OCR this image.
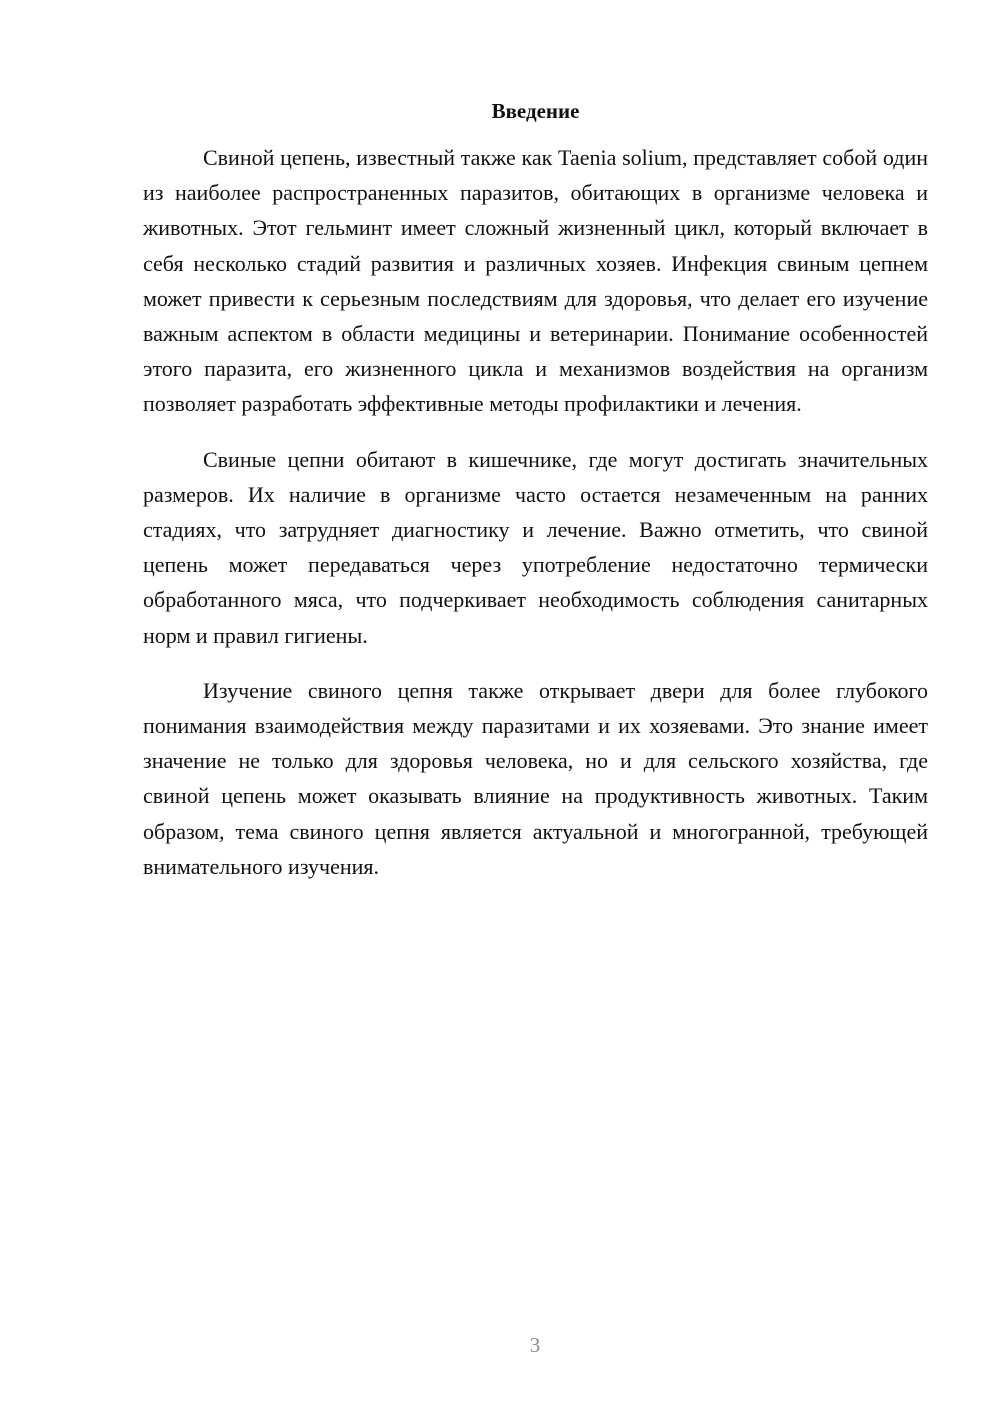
Введение

Свиной цепень, известный также как Taenia solium, представляет собой один из наиболее распространенных паразитов, обитающих в организме человека и животных. Этот гельминт имеет сложный жизненный цикл, который включает в себя несколько стадий развития и различных хозяев. Инфекция свиным цепнем может привести к серьезным последствиям для здоровья, что делает его изучение важным аспектом в области медицины и ветеринарии. Понимание особенностей этого паразита, его жизненного цикла и механизмов воздействия на организм позволяет разработать эффективные методы профилактики и лечения.

Свиные цепни обитают в кишечнике, где могут достигать значительных размеров. Их наличие в организме часто остается незамеченным на ранних стадиях, что затрудняет диагностику и лечение. Важно отметить, что свиной цепень может передаваться через употребление недостаточно термически обработанного мяса, что подчеркивает необходимость соблюдения санитарных норм и правил гигиены.

Изучение свиного цепня также открывает двери для более глубокого понимания взаимодействия между паразитами и их хозяевами. Это знание имеет значение не только для здоровья человека, но и для сельского хозяйства, где свиной цепень может оказывать влияние на продуктивность животных. Таким образом, тема свиного цепня является актуальной и многогранной, требующей внимательного изучения.

3
